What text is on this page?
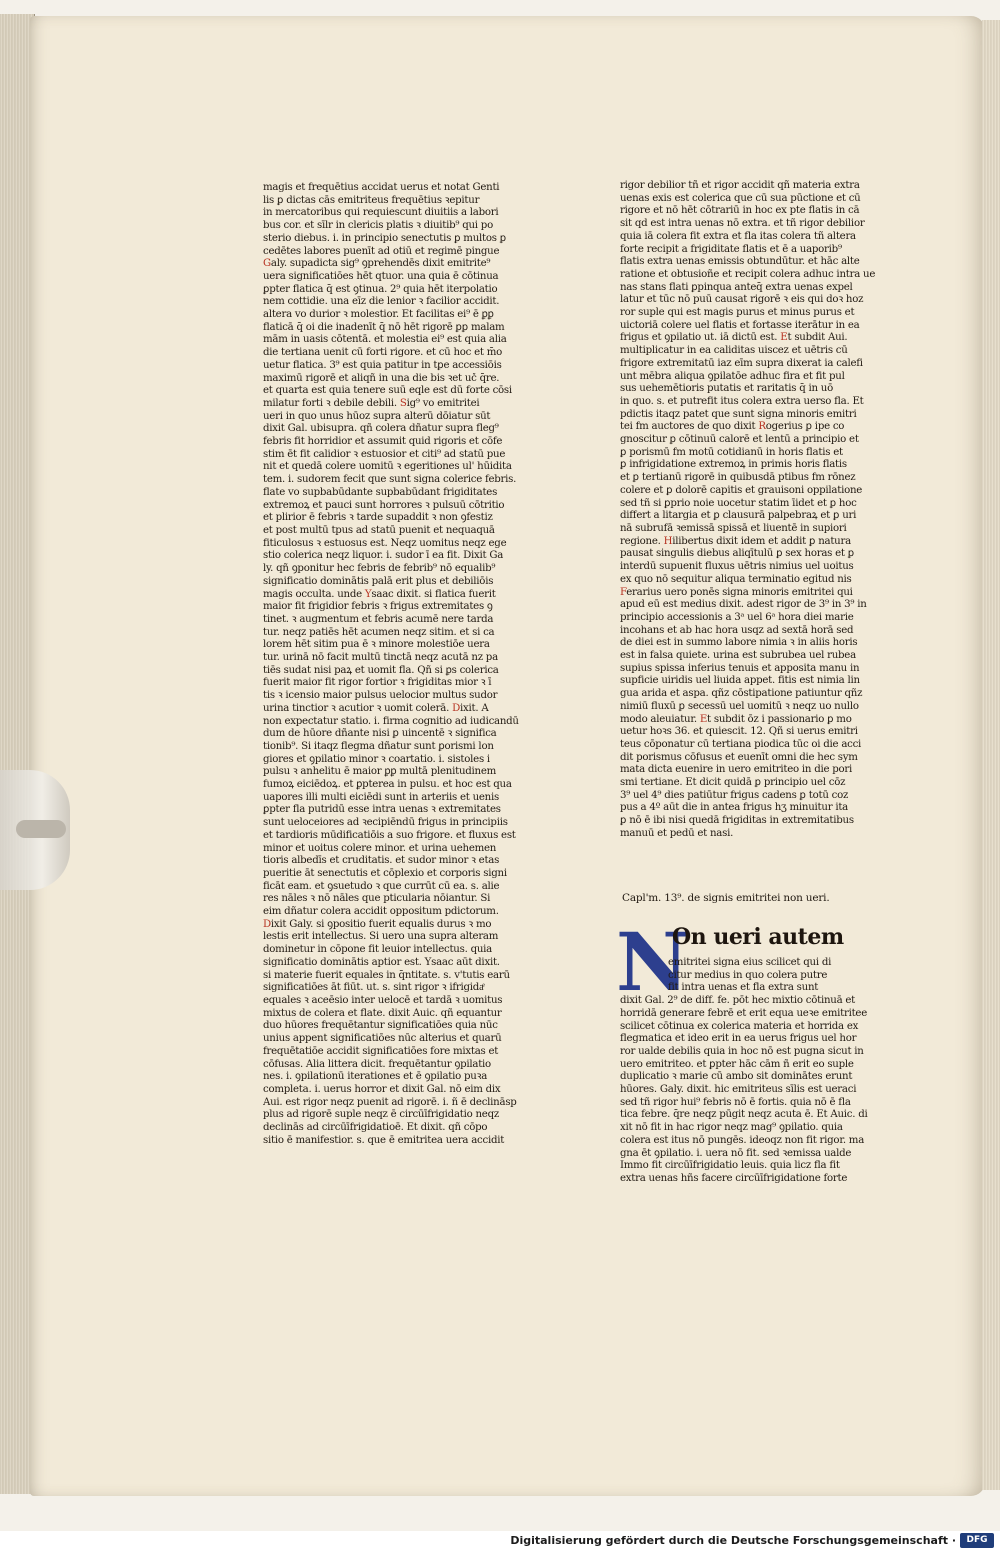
magis et frequētius accidat uerus et notat Genti
lis ꝑ dictas cās emitriteus frequētius ꝛepitur
in mercatoribus qui requiescunt diuitiis a labori
bus cor. et sīlr in clericis platis ꝛ diuitib⁹ qui po
sterio diebus. i. in principio senectutis ꝑ multos ꝑ
cedētes labores puenīt ad otiū et regimē pingue
Galy. supadicta sig⁹ ꝯprehendēs dixit emitrite⁹
uera significatiōes hēt qtuor. una quia ē cōtinua
ꝑpter flatica q̄ est ꝯtinua. 2⁹ quia hēt iterpolatio
nem cottidie. una eīz die lenior ꝛ facilior accidit.
altera vo durior ꝛ molestior. Et facilitas ei⁹ ē ꝑꝑ
flaticā q̄ oi die inadenīt q̄ nō hēt rigorē ꝑꝑ malam
mām in uasis cōtentā. et molestia ei⁹ est quia alia
die tertiana uenit cū forti rigore. et cū hoc et m̄o
uetur flatica. 3⁹ est quia patitur in tꝑe accessiōis
maximū rigorē et aliqñ in una die bis ꝛet uč q̄re.
et quarta est quia tenere suū eqle est dū forte cōsi
milatur forti ꝛ debile debili. Sig⁹ vo emitritei
ueri in quo unus hūoz supra alterū dōiatur sūt
dixit Gal. ubisupra. qñ colera dñatur supra fleg⁹
febris fit horridior et assumit quid rigoris et cōfe
stim ēt fit calidior ꝛ estuosior et citi⁹ ad statū pue
nit et quedā colere uomitū ꝛ egeritiones ul' hūidita
tem. i. sudorem fecit que sunt signa colerice febris.
flate vo supbabūdante supbabūdant frigiditates
extremoꝝ et pauci sunt horrores ꝛ pulsuū cōtritio
et plirior ē febris ꝛ tarde supaddit ꝛ non ꝯfestiz
et post multū tpus ad statū puenit et nequaquā
fiticulosus ꝛ estuosus est. Neqz uomitus neqz ege
stio colerica neqz liquor. i. sudor ī ea fit. Dixit Ga
ly. qñ ꝯponitur hec febris de febrib⁹ nō equalib⁹
significatio dominātis palā erit plus et debiliōis
magis occulta. unde Ysaac dixit. si flatica fuerit
maior fit frigidior febris ꝛ frigus extremitates ꝯ
tinet. ꝛ augmentum et febris acumē nere tarda
tur. neqz patiēs hēt acumen neqz sitim. et si ca
lorem hēt sitim pua ē ꝛ minore molestiōe uera
tur. urinā nō facit multū tinctā neqz acutā nz pa
tiēs sudat nisi paꝝ et uomit fla. Qñ si ꝑs colerica
fuerit maior fit rigor fortior ꝛ frigiditas mior ꝛ ī
tis ꝛ icensio maior pulsus uelocior multus sudor
urina tinctior ꝛ acutior ꝛ uomit colerā. Dixit. A
non expectatur statio. i. firma cognitio ad iudicandū
dum de hūore dñante nisi ꝑ uincentē ꝛ significa
tionib⁹. Si itaqz flegma dñatur sunt ꝑorismi lon
giores et ꝯpilatio minor ꝛ coartatio. i. sistoles i
pulsu ꝛ anhelitu ē maior ꝑꝑ multā plenitudinem
fumoꝝ eiciēdoꝝ. et ꝑpterea in pulsu. et hoc est qua
uapores illi multi eiciēdi sunt in arteriis et uenis
ꝑpter fla putridū esse intra uenas ꝛ extremitates
sunt ueloceiores ad ꝛecipiēndū frigus in principiis
et tardioris mūdificatiōis a suo frigore. et fluxus est
minor et uoitus colere minor. et urina uehemen
tioris albedīs et cruditatis. et sudor minor ꝛ etas
pueritie āt senectutis et cōplexio et corporis signi
ficāt eam. et ꝯsuetudo ꝛ que currūt cū ea. s. alie
res nāles ꝛ nō nāles que pticularia nōiantur. Si
eim dñatur colera accidit oppositum pdictorum.
Dixit Galy. si ꝯpositio fuerit equalis durus ꝛ mo
lestis erit intellectus. Si uero una supra alteram
dominetur in cōpone fit leuior intellectus. quia
significatio dominātis aptior est. Ysaac aūt dixit.
si materie fuerit equales in q̄ntitate. s. v'tutis earū
significatiōes āt fiūt. ut. s. sint rigor ꝛ ifrigidaͤ
equales ꝛ aceēsio inter uelocē et tardā ꝛ uomitus
mixtus de colera et flate. dixit Auic. qñ equantur
duo hūores frequētantur significatiōes quia nūc
unius appent significatiōes nūc alterius et quarū
frequētatiōe accidit significatiōes fore mixtas et
cōfusas. Alia littera dicit. frequētantur ꝯpilatio
nes. i. ꝯpilationū iterationes et ē ꝯpilatio puꝛa
completa. i. uerus horror et dixit Gal. nō eim dix
Aui. est rigor neqz puenit ad rigorē. i. ñ ē declināsp
plus ad rigorē suple neqz ē circūīfrigidatio neqz
declinās ad circūīfrigidatioē. Et dixit. qñ cōpo
sitio ē manifestior. s. que ē emitritea uera accidit
rigor debilior tñ et rigor accidit qñ materia extra
uenas exis est colerica que cū sua pūctione et cū
rigore et nō hēt cōtrariū in hoc ex pte flatis in cā
sit qd est intra uenas nō extra. et tñ rigor debilior
quia iā colera fit extra et fla itas colera tñ altera
forte recipit a frigiditate flatis et ē a uaporib⁹
flatis extra uenas emissis obtundūtur. et hāc alte
ratione et obtusioñe et recipit colera adhuc intra ue
nas stans flati ꝑpinqua anteq̄ extra uenas expel
latur et tūc nō puū causat rigorē ꝛ eis qui doꝛ hoz
ror suple qui est magis purus et minus purus et
uictoriā colere uel flatis et fortasse iterātur in ea
frigus et ꝯpilatio ut. iā dictū est. Et subdit Aui.
multiplicatur in ea caliditas uiscez et uētris cū
frigore extremitatū iaz eīm supra dixerat ia calefi
unt mēbra aliqua ꝯpilatōe adhuc fira et fit pul
sus uehemētioris putatis et raritatis q̄ in uō
in quo. s. et putrefit itus colera extra uerso fla. Et
pdictis itaqz patet que sunt signa minoris emitri
tei fm auctores de quo dixit Rogerius ꝑ ipe co
gnoscitur ꝑ cōtinuū calorē et lentū a principio et
ꝑ porismū fm motū cotidianū in horis flatis et
ꝑ infrigidatione extremoꝝ in primis horis flatis
et ꝑ tertianū rigorē in quibusdā ptibus fm rōnez
colere et ꝑ dolorē capitis et grauisoni oppilatione
sed tñ si ꝑprio noie uocetur statim īidet et ꝑ hoc
differt a litargia et ꝑ clausurā palpebraꝝ et ꝑ uri
nā subrufā ꝛemissā spissā et liuentē in supiori
regione. Hilibertus dixit idem et addit ꝑ natura
pausat singulis diebus aliqītulū ꝑ sex horas et ꝑ
interdū supuenit fluxus uētris nimius uel uoitus
ex quo nō sequitur aliqua terminatio egitud nis
Ferarius uero ponēs signa minoris emitritei qui
apud eū est medius dixit. adest rigor de 3⁹ in 3⁹ in
principio accessionis a 3ᵃ uel 6ᵃ hora diei marie
incohans et ab hac hora usqz ad sextā horā sed
de diei est in summo labore nimia ꝛ in aliis horis
est in falsa quiete. urina est subrubea uel rubea
supius spissa inferius tenuis et apposita manu in
supficie uiridis uel liuida appet. fitis est nimia lin
gua arida et aspa. qñz cōstipatione patiuntur qñz
nimiū fluxū ꝑ secessū uel uomitū ꝛ neqz uo nullo
modo aleuiatur. Et subdit ōz i passionario ꝑ mo
uetur hoꝛs 36. et quiescit. 12. Qñ si uerus emitri
teus cōponatur cū tertiana piodica tūc oi die acci
dit porismus cōfusus et euenīt omni die hec sym
mata dicta euenire in uero emitriteo in die pori
smi tertiane. Et dicit quidā ꝑ principio uel cōz
3⁹ uel 4⁹ dies patiūtur frigus cadens ꝑ totū coz
pus a 4º aūt die in antea frigus hʒ minuitur ita
ꝑ nō ē ibi nisi quedā frigiditas in extremitatibus
manuū et pedū et nasi.
Capl'm. 13⁹. de signis emitritei non ueri.
N
On ueri autem
emitritei signa eius scilicet qui di
citur medius in quo colera putre
fit intra uenas et fla extra sunt
dixit Gal. 2⁹ de diff. fe. pōt hec mixtio cōtinuā et
horridā generare febrē et erit equa ueꝛe emitritee
scilicet cōtinua ex colerica materia et horrida ex
flegmatica et ideo erit in ea uerus frigus uel hor
ror ualde debilis quia in hoc nō est pugna sicut in
uero emitriteo. et ꝑpter hāc cām ñ erit eo suple
duplicatio ꝛ marie cū ambo sit dominātes erunt
hūores. Galy. dixit. hic emitriteus sīlis est ueraci
sed tñ rigor hui⁹ febris nō ē fortis. quia nō ē fla
tica febre. q̄re neqz pūgit neqz acuta ē. Et Auic. di
xit nō fit in hac rigor neqz mag⁹ ꝯpilatio. quia
colera est itus nō pungēs. ideoqz non fit rigor. ma
gna ēt ꝯpilatio. i. uera nō fit. sed ꝛemissa ualde
Immo fit circūīfrigidatio leuis. quia licz fla fit
extra uenas hñs facere circūīfrigidatione forte
Digitalisierung gefördert durch die Deutsche Forschungsgemeinschaft ·	DFG
